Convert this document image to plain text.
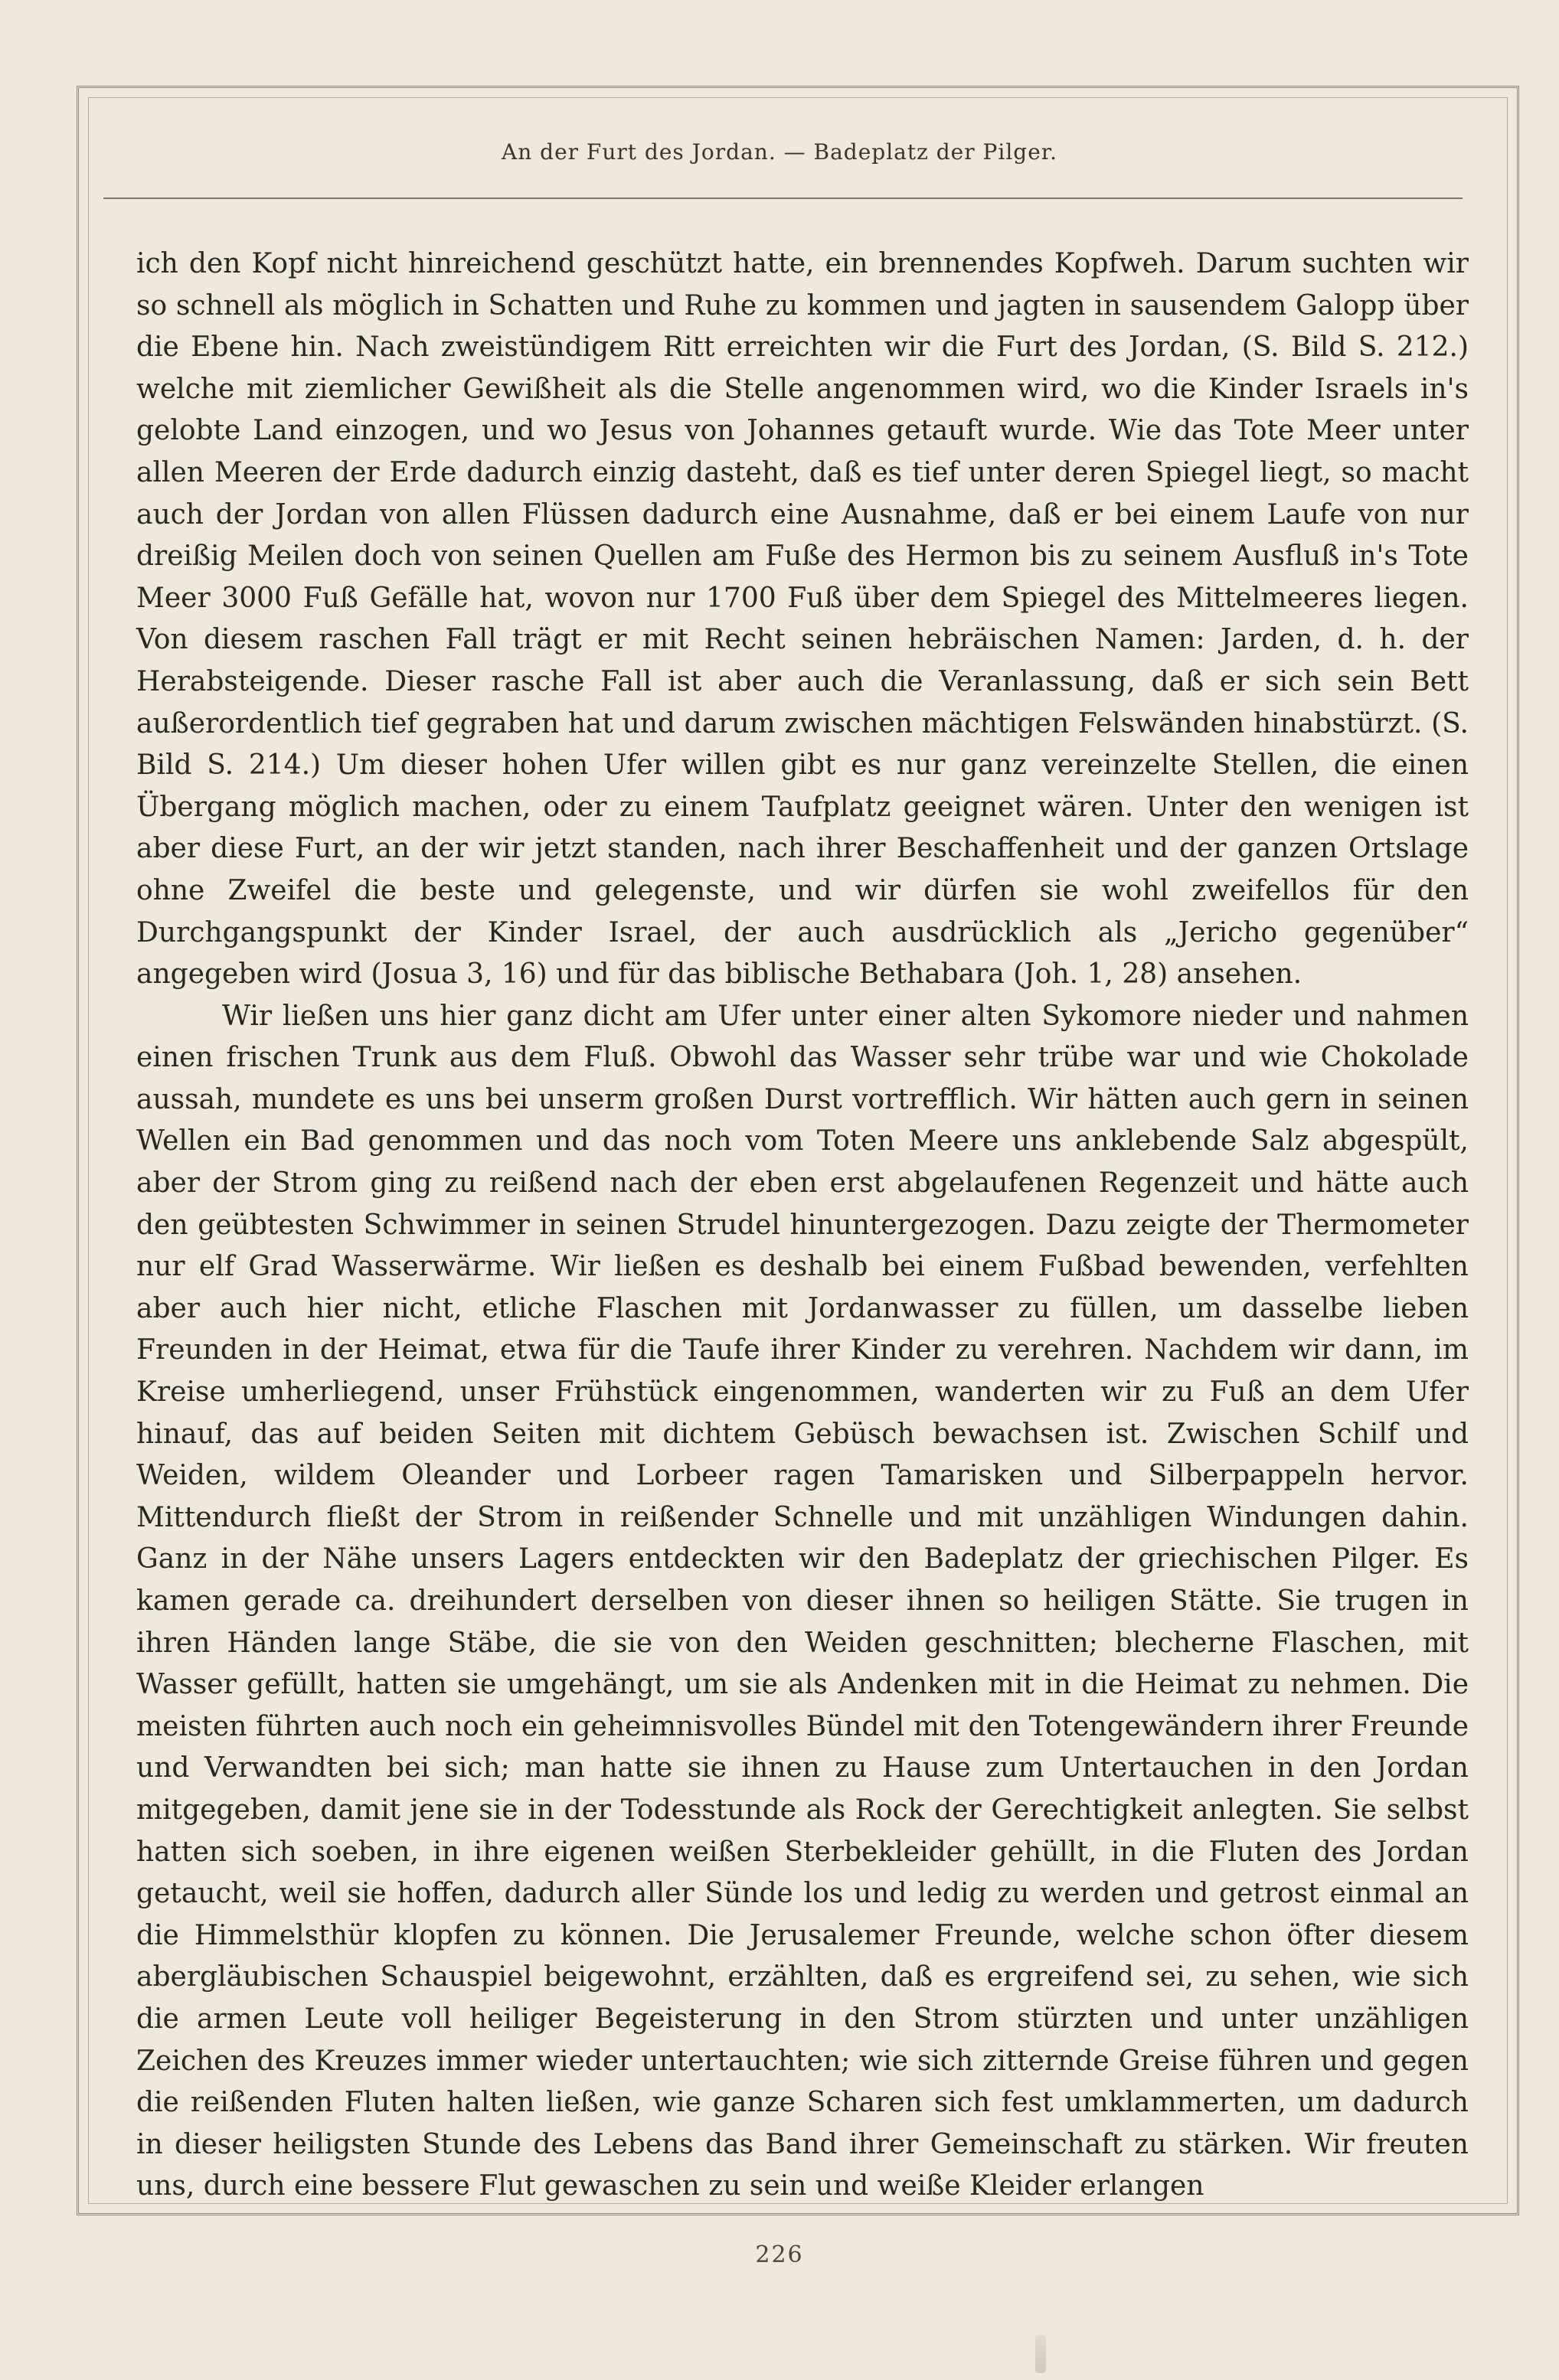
An der Furt des Jordan. — Badeplatz der Pilger.

ich den Kopf nicht hinreichend geschützt hatte, ein brennendes Kopfweh. Darum suchten wir so schnell als möglich in Schatten und Ruhe zu kommen und jagten in sausendem Galopp über die Ebene hin. Nach zweistündigem Ritt erreichten wir die Furt des Jordan, (S. Bild S. 212.) welche mit ziemlicher Gewißheit als die Stelle angenommen wird, wo die Kinder Israels in's gelobte Land einzogen, und wo Jesus von Johannes getauft wurde. Wie das Tote Meer unter allen Meeren der Erde dadurch einzig dasteht, daß es tief unter deren Spiegel liegt, so macht auch der Jordan von allen Flüssen dadurch eine Ausnahme, daß er bei einem Laufe von nur dreißig Meilen doch von seinen Quellen am Fuße des Hermon bis zu seinem Ausfluß in's Tote Meer 3000 Fuß Gefälle hat, wovon nur 1700 Fuß über dem Spiegel des Mittelmeeres liegen. Von diesem raschen Fall trägt er mit Recht seinen hebräischen Namen: Jarden, d. h. der Herabsteigende. Dieser rasche Fall ist aber auch die Veranlassung, daß er sich sein Bett außerordentlich tief gegraben hat und darum zwischen mächtigen Felswänden hinabstürzt. (S. Bild S. 214.) Um dieser hohen Ufer willen gibt es nur ganz vereinzelte Stellen, die einen Übergang möglich machen, oder zu einem Taufplatz geeignet wären. Unter den wenigen ist aber diese Furt, an der wir jetzt standen, nach ihrer Beschaffenheit und der ganzen Ortslage ohne Zweifel die beste und gelegenste, und wir dürfen sie wohl zweifellos für den Durchgangspunkt der Kinder Israel, der auch ausdrücklich als „Jericho gegenüber“ angegeben wird (Josua 3, 16) und für das biblische Bethabara (Joh. 1, 28) ansehen.

Wir ließen uns hier ganz dicht am Ufer unter einer alten Sykomore nieder und nahmen einen frischen Trunk aus dem Fluß. Obwohl das Wasser sehr trübe war und wie Chokolade aussah, mundete es uns bei unserm großen Durst vortrefflich. Wir hätten auch gern in seinen Wellen ein Bad genommen und das noch vom Toten Meere uns anklebende Salz abgespült, aber der Strom ging zu reißend nach der eben erst abgelaufenen Regenzeit und hätte auch den geübtesten Schwimmer in seinen Strudel hinuntergezogen. Dazu zeigte der Thermometer nur elf Grad Wasserwärme. Wir ließen es deshalb bei einem Fußbad bewenden, verfehlten aber auch hier nicht, etliche Flaschen mit Jordanwasser zu füllen, um dasselbe lieben Freunden in der Heimat, etwa für die Taufe ihrer Kinder zu verehren. Nachdem wir dann, im Kreise umherliegend, unser Frühstück eingenommen, wanderten wir zu Fuß an dem Ufer hinauf, das auf beiden Seiten mit dichtem Gebüsch bewachsen ist. Zwischen Schilf und Weiden, wildem Oleander und Lorbeer ragen Tamarisken und Silberpappeln hervor. Mittendurch fließt der Strom in reißender Schnelle und mit unzähligen Windungen dahin. Ganz in der Nähe unsers Lagers entdeckten wir den Badeplatz der griechischen Pilger. Es kamen gerade ca. dreihundert derselben von dieser ihnen so heiligen Stätte. Sie trugen in ihren Händen lange Stäbe, die sie von den Weiden geschnitten; blecherne Flaschen, mit Wasser gefüllt, hatten sie umgehängt, um sie als Andenken mit in die Heimat zu nehmen. Die meisten führten auch noch ein geheimnisvolles Bündel mit den Totengewändern ihrer Freunde und Verwandten bei sich; man hatte sie ihnen zu Hause zum Untertauchen in den Jordan mitgegeben, damit jene sie in der Todesstunde als Rock der Gerechtigkeit anlegten. Sie selbst hatten sich soeben, in ihre eigenen weißen Sterbekleider gehüllt, in die Fluten des Jordan getaucht, weil sie hoffen, dadurch aller Sünde los und ledig zu werden und getrost einmal an die Himmelsthür klopfen zu können. Die Jerusalemer Freunde, welche schon öfter diesem abergläubischen Schauspiel beigewohnt, erzählten, daß es ergreifend sei, zu sehen, wie sich die armen Leute voll heiliger Begeisterung in den Strom stürzten und unter unzähligen Zeichen des Kreuzes immer wieder untertauchten; wie sich zitternde Greise führen und gegen die reißenden Fluten halten ließen, wie ganze Scharen sich fest umklammerten, um dadurch in dieser heiligsten Stunde des Lebens das Band ihrer Gemeinschaft zu stärken. Wir freuten uns, durch eine bessere Flut gewaschen zu sein und weiße Kleider erlangen

226
